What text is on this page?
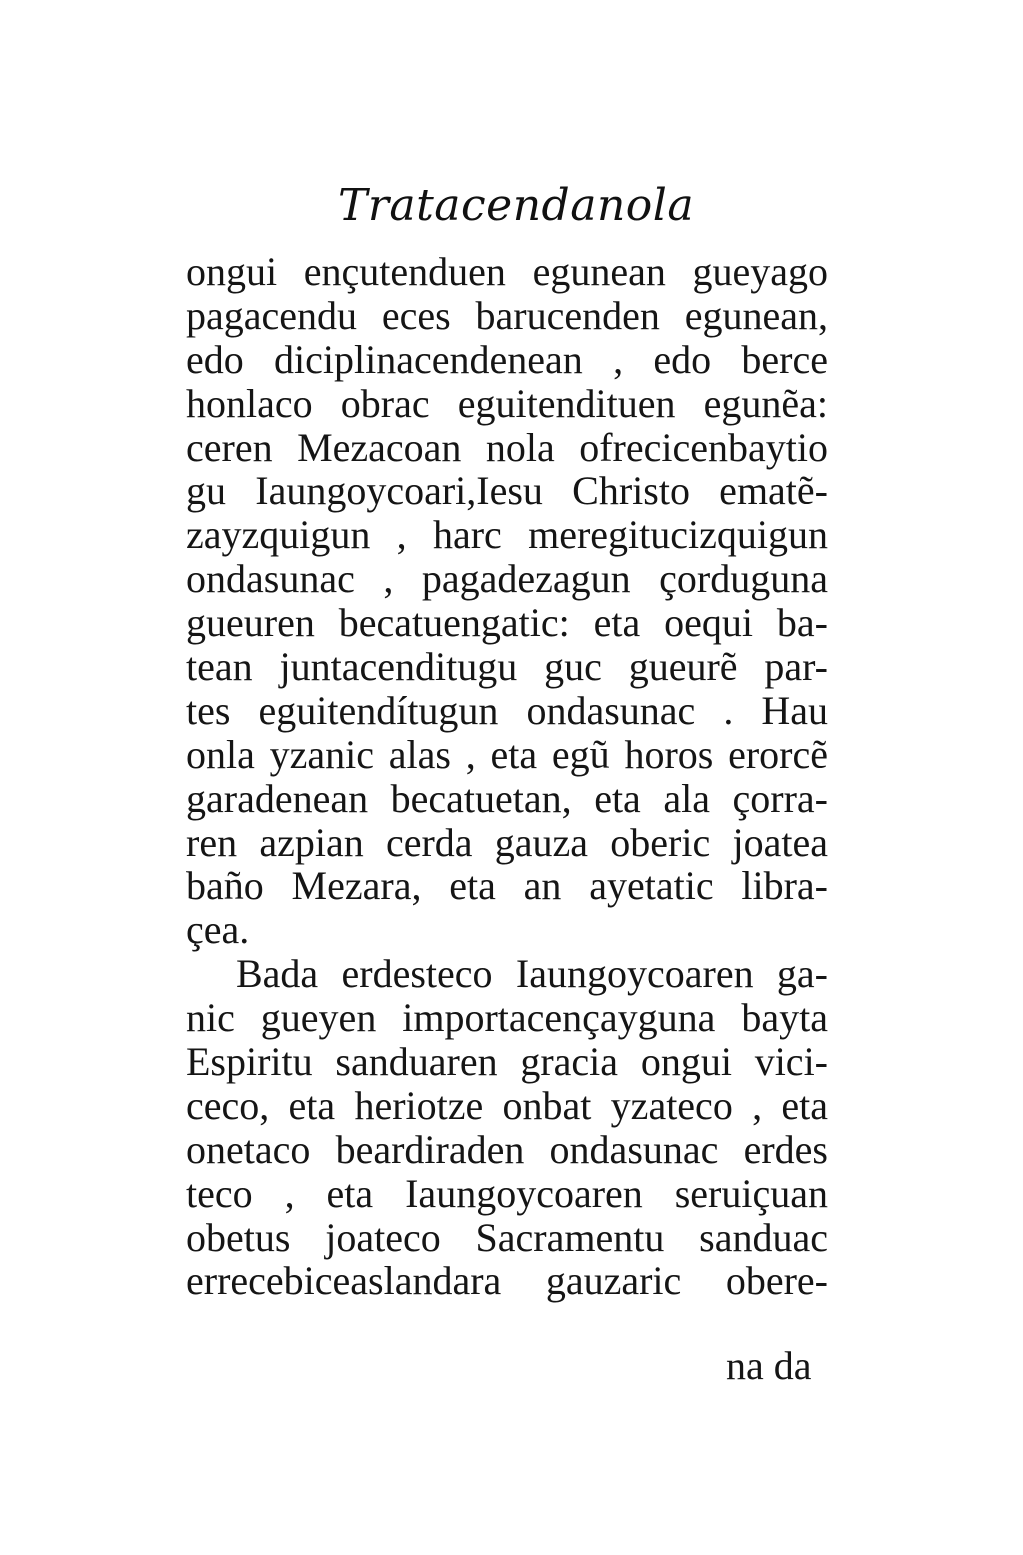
Tratacendanola
ongui ençutenduen egunean gueyago
pagacendu eces barucenden egunean,
edo diciplinacendenean , edo berce
honlaco obrac eguitendituen egunẽa:
ceren Mezacoan nola ofrecicenbaytio
gu Iaungoycoari,Iesu Christo ematẽ-
zayzquigun , harc meregitucizquigun
ondasunac , pagadezagun çorduguna
gueuren becatuengatic: eta oequi ba-
tean juntacenditugu guc gueurẽ par-
tes eguitendítugun ondasunac . Hau
onla yzanic alas , eta egũ horos erorcẽ
garadenean becatuetan, eta ala çorra-
ren azpian cerda gauza oberic joatea
baño Mezara, eta an ayetatic libra-
çea.
Bada erdesteco Iaungoycoaren ga-
nic gueyen importacençayguna bayta
Espiritu sanduaren gracia ongui vici-
ceco, eta heriotze onbat yzateco , eta
onetaco beardiraden ondasunac erdes
teco , eta Iaungoycoaren seruiçuan
obetus joateco Sacramentu sanduac
errecebiceaslandara gauzaric obere-
na da
